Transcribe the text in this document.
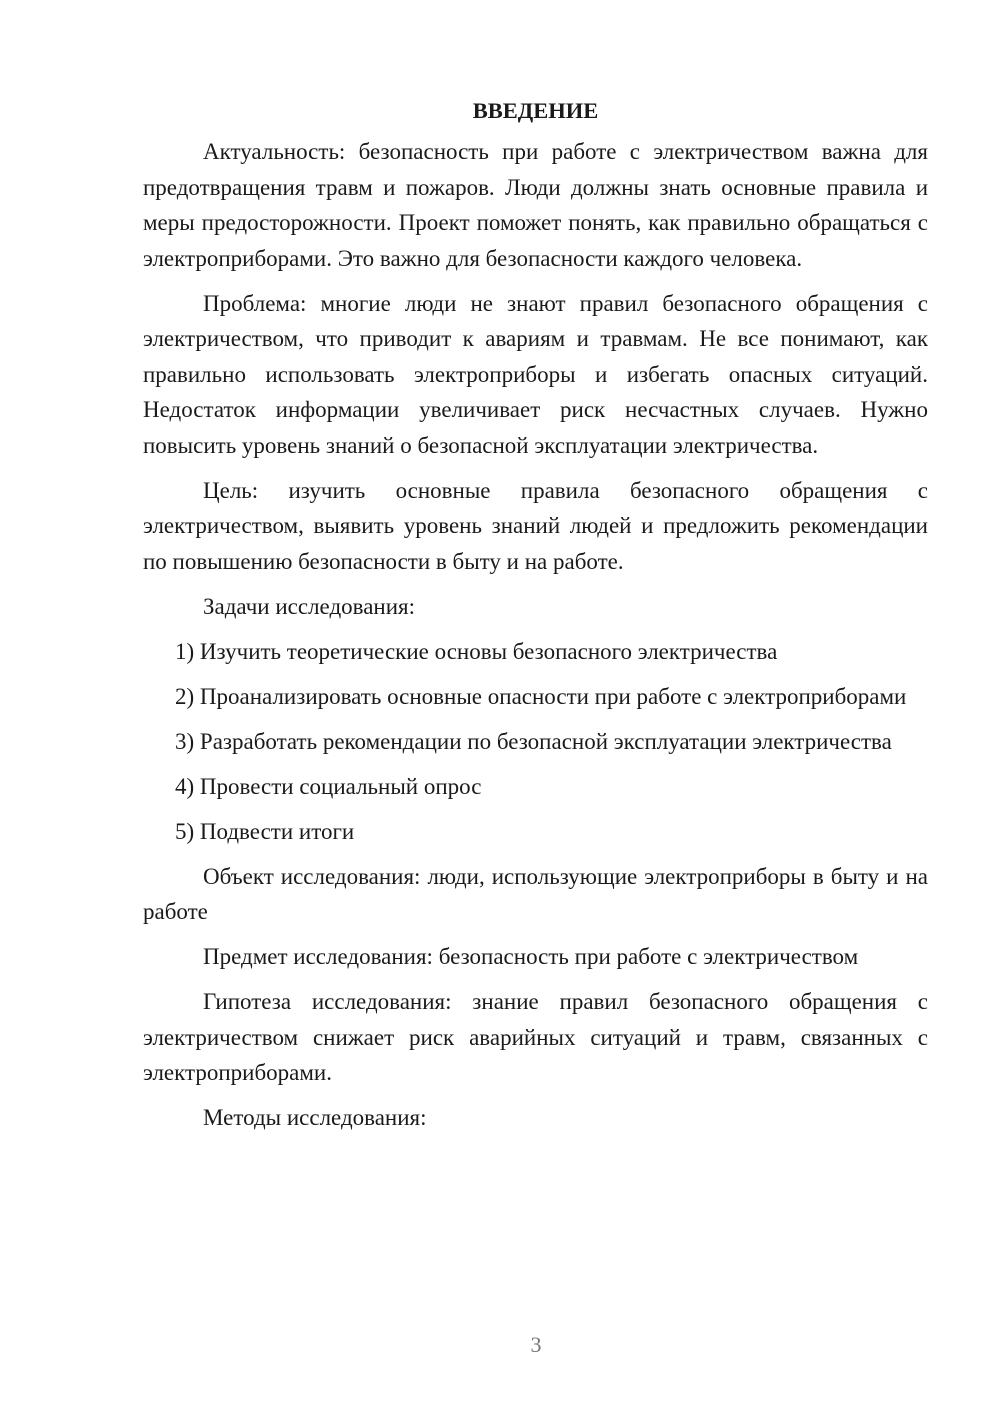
ВВЕДЕНИЕ

Актуальность: безопасность при работе с электричеством важна для предотвращения травм и пожаров. Люди должны знать основные правила и меры предосторожности. Проект поможет понять, как правильно обращаться с электроприборами. Это важно для безопасности каждого человека.

Проблема: многие люди не знают правил безопасного обращения с электричеством, что приводит к авариям и травмам. Не все понимают, как правильно использовать электроприборы и избегать опасных ситуаций. Недостаток информации увеличивает риск несчастных случаев. Нужно повысить уровень знаний о безопасной эксплуатации электричества.

Цель: изучить основные правила безопасного обращения с электричеством, выявить уровень знаний людей и предложить рекомендации по повышению безопасности в быту и на работе.

Задачи исследования:

1) Изучить теоретические основы безопасного электричества

2) Проанализировать основные опасности при работе с электроприборами

3) Разработать рекомендации по безопасной эксплуатации электричества

4) Провести социальный опрос

5) Подвести итоги

Объект исследования: люди, использующие электроприборы в быту и на работе

Предмет исследования: безопасность при работе с электричеством

Гипотеза исследования: знание правил безопасного обращения с электричеством снижает риск аварийных ситуаций и травм, связанных с электроприборами.

Методы исследования:

3
